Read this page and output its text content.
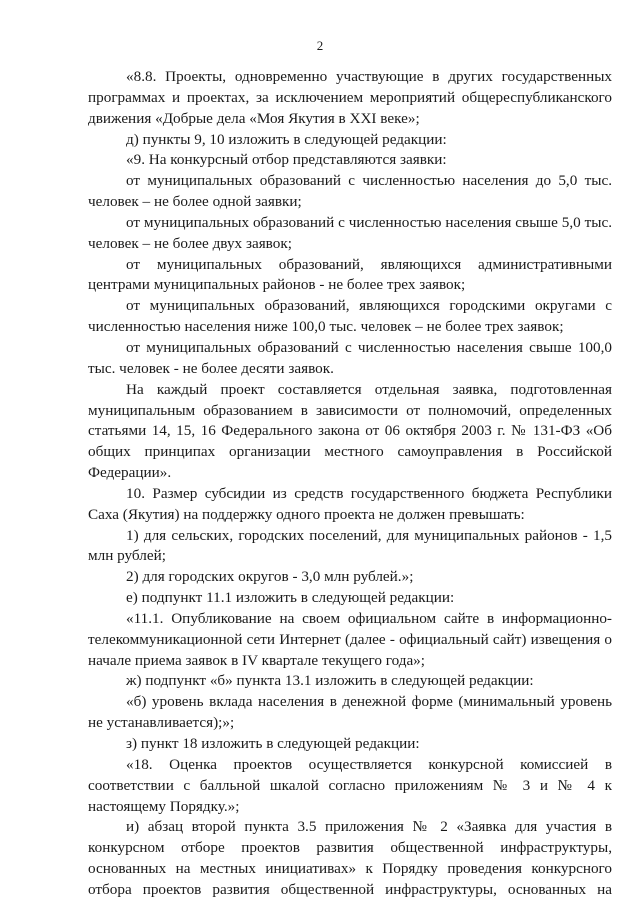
2

«8.8. Проекты, одновременно участвующие в других государственных программах и проектах, за исключением мероприятий общереспубликанского движения «Добрые дела «Моя Якутия в XXI веке»;

д) пункты 9, 10 изложить в следующей редакции:

«9. На конкурсный отбор представляются заявки:

от муниципальных образований с численностью населения до 5,0 тыс. человек – не более одной заявки;

от муниципальных образований с численностью населения свыше 5,0 тыс. человек – не более двух заявок;

от муниципальных образований, являющихся административными центрами муниципальных районов - не более трех заявок;

от муниципальных образований, являющихся городскими округами с численностью населения ниже 100,0 тыс. человек – не более трех заявок;

от муниципальных образований с численностью населения свыше 100,0 тыс. человек - не более десяти заявок.

На каждый проект составляется отдельная заявка, подготовленная муниципальным образованием в зависимости от полномочий, определенных статьями 14, 15, 16 Федерального закона от 06 октября 2003 г. № 131-ФЗ «Об общих принципах организации местного самоуправления в Российской Федерации».

10. Размер субсидии из средств государственного бюджета Республики Саха (Якутия) на поддержку одного проекта не должен превышать:

1) для сельских, городских поселений, для муниципальных районов - 1,5 млн рублей;

2) для городских округов - 3,0 млн рублей.»;

е) подпункт 11.1 изложить в следующей редакции:

«11.1. Опубликование на своем официальном сайте в информационно-телекоммуникационной сети Интернет (далее - официальный сайт) извещения о начале приема заявок в IV квартале текущего года»;

ж) подпункт «б» пункта 13.1 изложить в следующей редакции:

«б) уровень вклада населения в денежной форме (минимальный уровень не устанавливается);»;

з) пункт 18 изложить в следующей редакции:

«18. Оценка проектов осуществляется конкурсной комиссией в соответствии с балльной шкалой согласно приложениям № 3 и № 4 к настоящему Порядку.»;

и) абзац второй пункта 3.5 приложения № 2 «Заявка для участия в конкурсном отборе проектов развития общественной инфраструктуры, основанных на местных инициативах» к Порядку проведения конкурсного отбора проектов развития общественной инфраструктуры, основанных на
